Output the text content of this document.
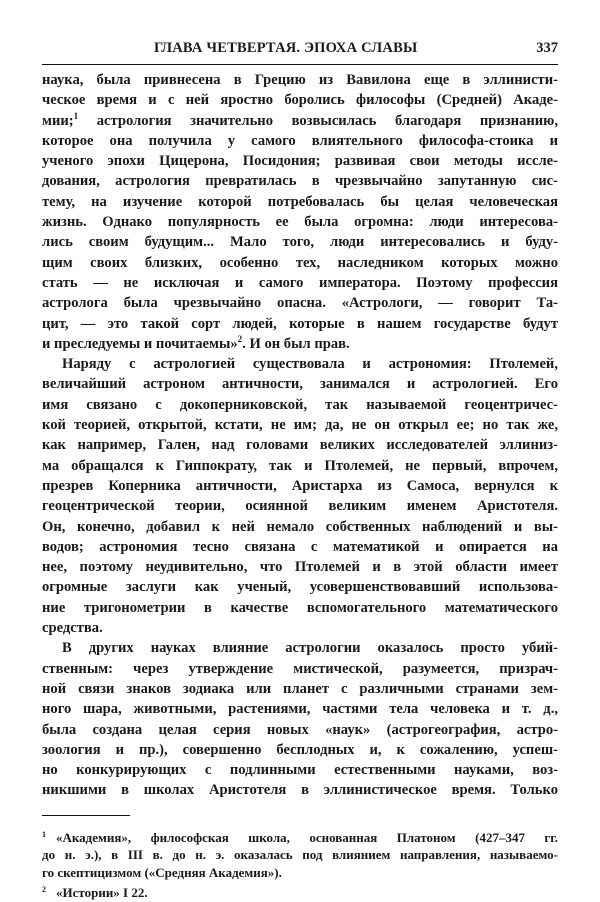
ГЛАВА ЧЕТВЕРТАЯ. ЭПОХА СЛАВЫ	337

наука, была привнесена в Грецию из Вавилона еще в эллинисти-
ческое время и с ней яростно боролись философы (Средней) Акаде-
мии;$^1$ астрология значительно возвысилась благодаря признанию,
которое она получила у самого влиятельного философа-стоика и
ученого эпохи Цицерона, Посидония; развивая свои методы иссле-
дования, астрология превратилась в чрезвычайно запутанную сис-
тему, на изучение которой потребовалась бы целая человеческая
жизнь. Однако популярность ее была огромна: люди интересова-
лись своим будущим... Мало того, люди интересовались и буду-
щим своих близких, особенно тех, наследником которых можно
стать — не исключая и самого императора. Поэтому профессия
астролога была чрезвычайно опасна. «Астрологи, — говорит Та-
цит, — это такой сорт людей, которые в нашем государстве будут
и преследуемы и почитаемы»$^2$. И он был прав.

Наряду с астрологией существовала и астрономия: Птолемей,
величайший астроном античности, занимался и астрологией. Его
имя связано с докоперниковской, так называемой геоцентричес-
кой теорией, открытой, кстати, не им; да, не он открыл ее; но так же,
как например, Гален, над головами великих исследователей эллиниз-
ма обращался к Гиппократу, так и Птолемей, не первый, впрочем,
презрев Коперника античности, Аристарха из Самоса, вернулся к
геоцентрической теории, осиянной великим именем Аристотеля.
Он, конечно, добавил к ней немало собственных наблюдений и вы-
водов; астрономия тесно связана с математикой и опирается на
нее, поэтому неудивительно, что Птолемей и в этой области имеет
огромные заслуги как ученый, усовершенствовавший использова-
ние тригонометрии в качестве вспомогательного математического
средства.

В других науках влияние астрологии оказалось просто убий-
ственным: через утверждение мистической, разумеется, призрач-
ной связи знаков зодиака или планет с различными странами зем-
ного шара, животными, растениями, частями тела человека и т. д.,
была создана целая серия новых «наук» (астрогеография, астро-
зоология и пр.), совершенно бесплодных и, к сожалению, успеш-
но конкурирующих с подлинными естественными науками, воз-
никшими в школах Аристотеля в эллинистическое время. Только

$^1$ «Академия», философская школа, основанная Платоном (427–347 гг.
до н. э.), в III в. до н. э. оказалась под влиянием направления, называемо-
го скептицизмом («Средняя Академия»).
$^2$ «Истории» I 22.
